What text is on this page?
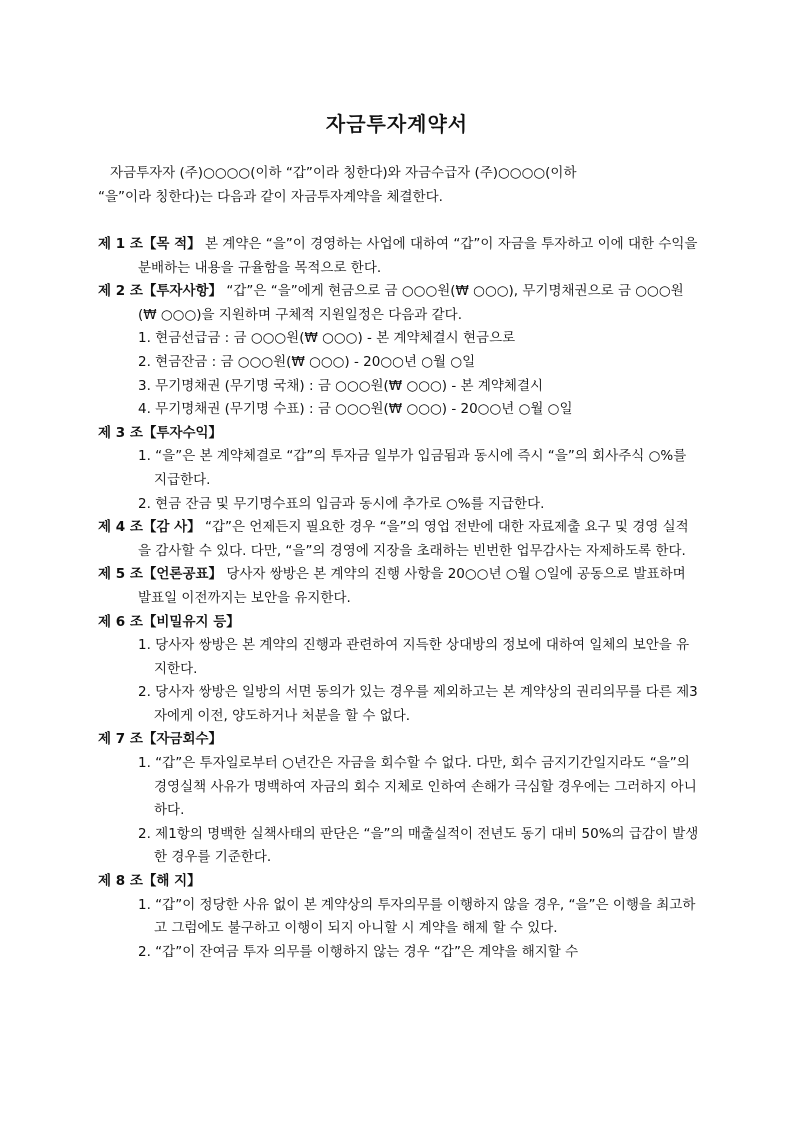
자금투자계약서
자금투자자 (주)○○○○(이하 “갑”이라 칭한다)와 자금수급자 (주)○○○○(이하
“을”이라 칭한다)는 다음과 같이 자금투자계약을 체결한다.
제 1 조【목 적】 본 계약은 “을”이 경영하는 사업에 대하여 “갑”이 자금을 투자하고 이에 대한 수익을 분배하는 내용을 규율함을 목적으로 한다.
제 2 조【투자사항】 “갑”은 “을”에게 현금으로 금 ○○○원(₩ ○○○), 무기명채권으로 금 ○○○원(₩ ○○○)을 지원하며 구체적 지원일정은 다음과 같다.
1. 현금선급금 : 금 ○○○원(₩ ○○○) - 본 계약체결시 현금으로
2. 현금잔금 : 금 ○○○원(₩ ○○○) - 20○○년 ○월 ○일
3. 무기명채권 (무기명 국채) : 금 ○○○원(₩ ○○○) - 본 계약체결시
4. 무기명채권 (무기명 수표) : 금 ○○○원(₩ ○○○) - 20○○년 ○월 ○일
제 3 조【투자수익】
1. “을”은 본 계약체결로 “갑”의 투자금 일부가 입금됨과 동시에 즉시 “을”의 회사주식 ○%를 지급한다.
2. 현금 잔금 및 무기명수표의 입금과 동시에 추가로 ○%를 지급한다.
제 4 조【감 사】 “갑”은 언제든지 필요한 경우 “을”의 영업 전반에 대한 자료제출 요구 및 경영 실적을 감사할 수 있다. 다만, “을”의 경영에 지장을 초래하는 빈번한 업무감사는 자제하도록 한다.
제 5 조【언론공표】 당사자 쌍방은 본 계약의 진행 사항을 20○○년 ○월 ○일에 공동으로 발표하며 발표일 이전까지는 보안을 유지한다.
제 6 조【비밀유지 등】
1. 당사자 쌍방은 본 계약의 진행과 관련하여 지득한 상대방의 정보에 대하여 일체의 보안을 유지한다.
2. 당사자 쌍방은 일방의 서면 동의가 있는 경우를 제외하고는 본 계약상의 권리의무를 다른 제3자에게 이전, 양도하거나 처분을 할 수 없다.
제 7 조【자금회수】
1. “갑”은 투자일로부터 ○년간은 자금을 회수할 수 없다. 다만, 회수 금지기간일지라도 “을”의 경영실책 사유가 명백하여 자금의 회수 지체로 인하여 손해가 극심할 경우에는 그러하지 아니하다.
2. 제1항의 명백한 실책사태의 판단은 “을”의 매출실적이 전년도 동기 대비 50%의 급감이 발생한 경우를 기준한다.
제 8 조【해 지】
1. “갑”이 정당한 사유 없이 본 계약상의 투자의무를 이행하지 않을 경우, “을”은 이행을 최고하고 그럼에도 불구하고 이행이 되지 아니할 시 계약을 해제 할 수 있다.
2. “갑”이 잔여금 투자 의무를 이행하지 않는 경우 “갑”은 계약을 해지할 수
